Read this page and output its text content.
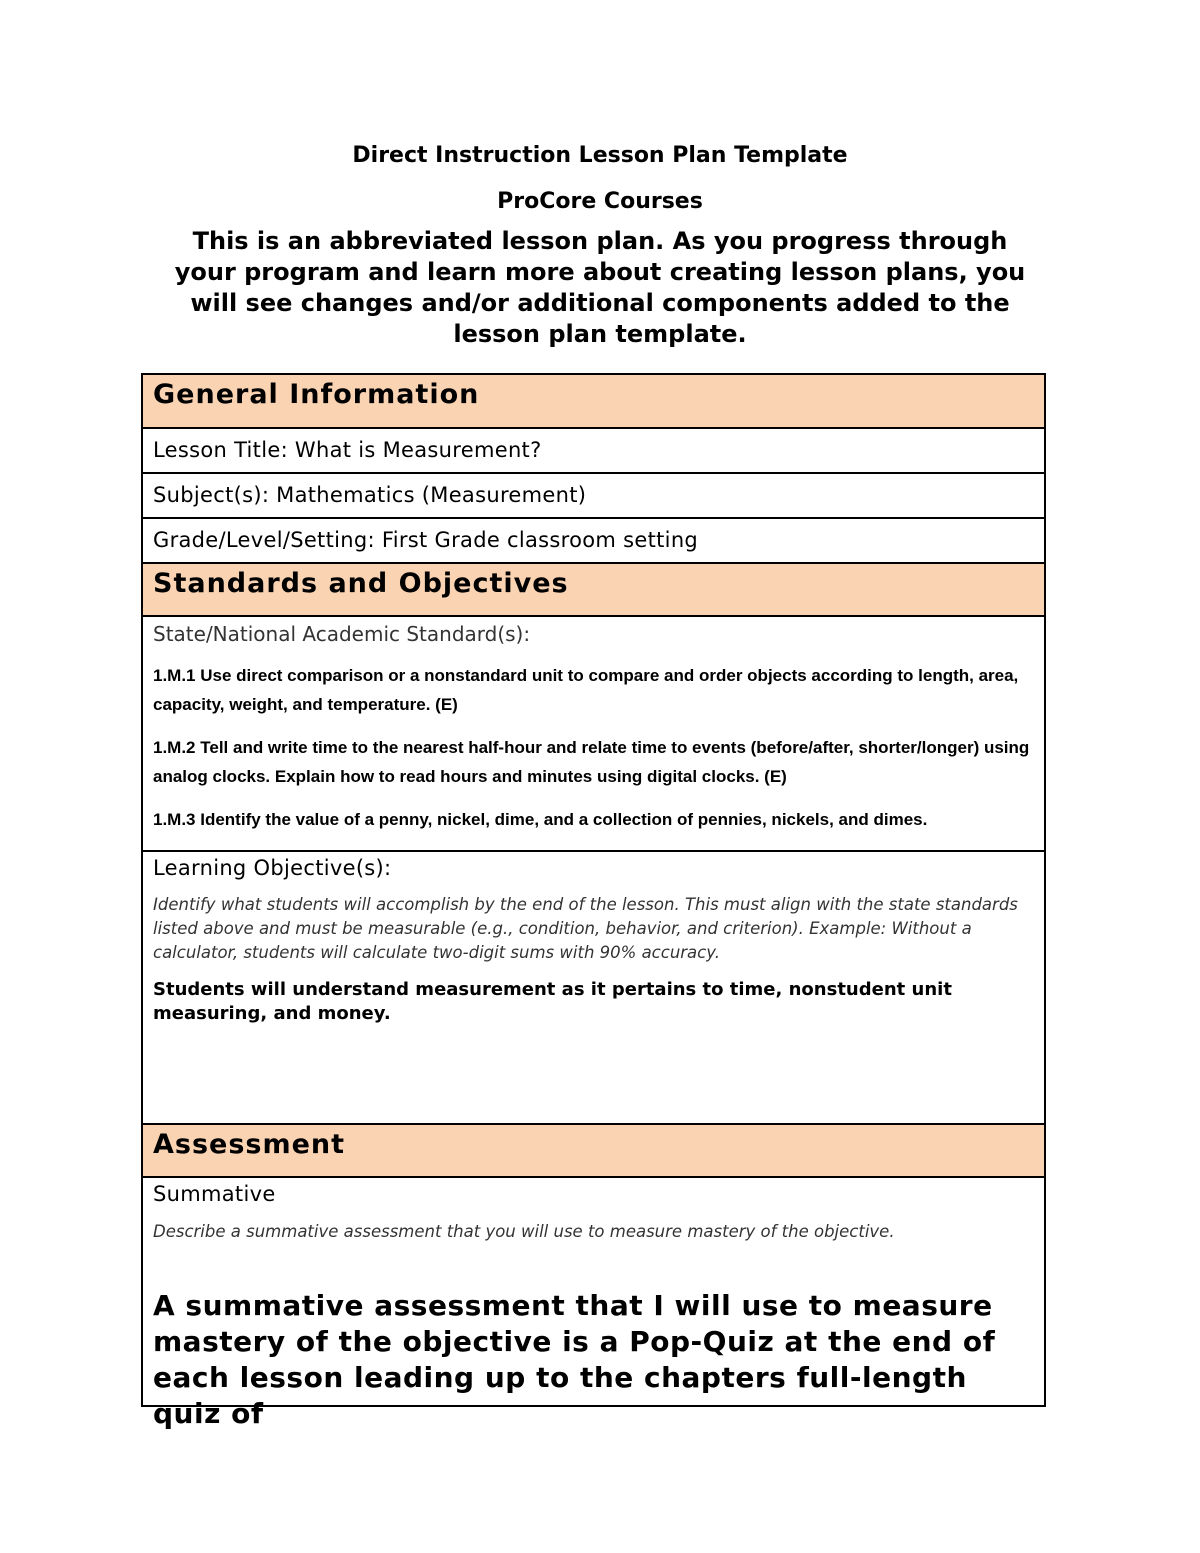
Direct Instruction Lesson Plan Template

ProCore Courses

This is an abbreviated lesson plan. As you progress through your program and learn more about creating lesson plans, you will see changes and/or additional components added to the lesson plan template.

General Information

Lesson Title: What is Measurement?

Subject(s): Mathematics (Measurement)

Grade/Level/Setting: First Grade classroom setting

Standards and Objectives

State/National Academic Standard(s):

1.M.1 Use direct comparison or a nonstandard unit to compare and order objects according to length, area, capacity, weight, and temperature. (E)

1.M.2 Tell and write time to the nearest half-hour and relate time to events (before/after, shorter/longer) using analog clocks. Explain how to read hours and minutes using digital clocks. (E)

1.M.3 Identify the value of a penny, nickel, dime, and a collection of pennies, nickels, and dimes.

Learning Objective(s):

Identify what students will accomplish by the end of the lesson. This must align with the state standards listed above and must be measurable (e.g., condition, behavior, and criterion). Example: Without a calculator, students will calculate two-digit sums with 90% accuracy.

Students will understand measurement as it pertains to time, nonstudent unit measuring, and money.

Assessment

Summative

Describe a summative assessment that you will use to measure mastery of the objective.

A summative assessment that I will use to measure mastery of the objective is a Pop-Quiz at the end of each lesson leading up to the chapters full-length quiz of
